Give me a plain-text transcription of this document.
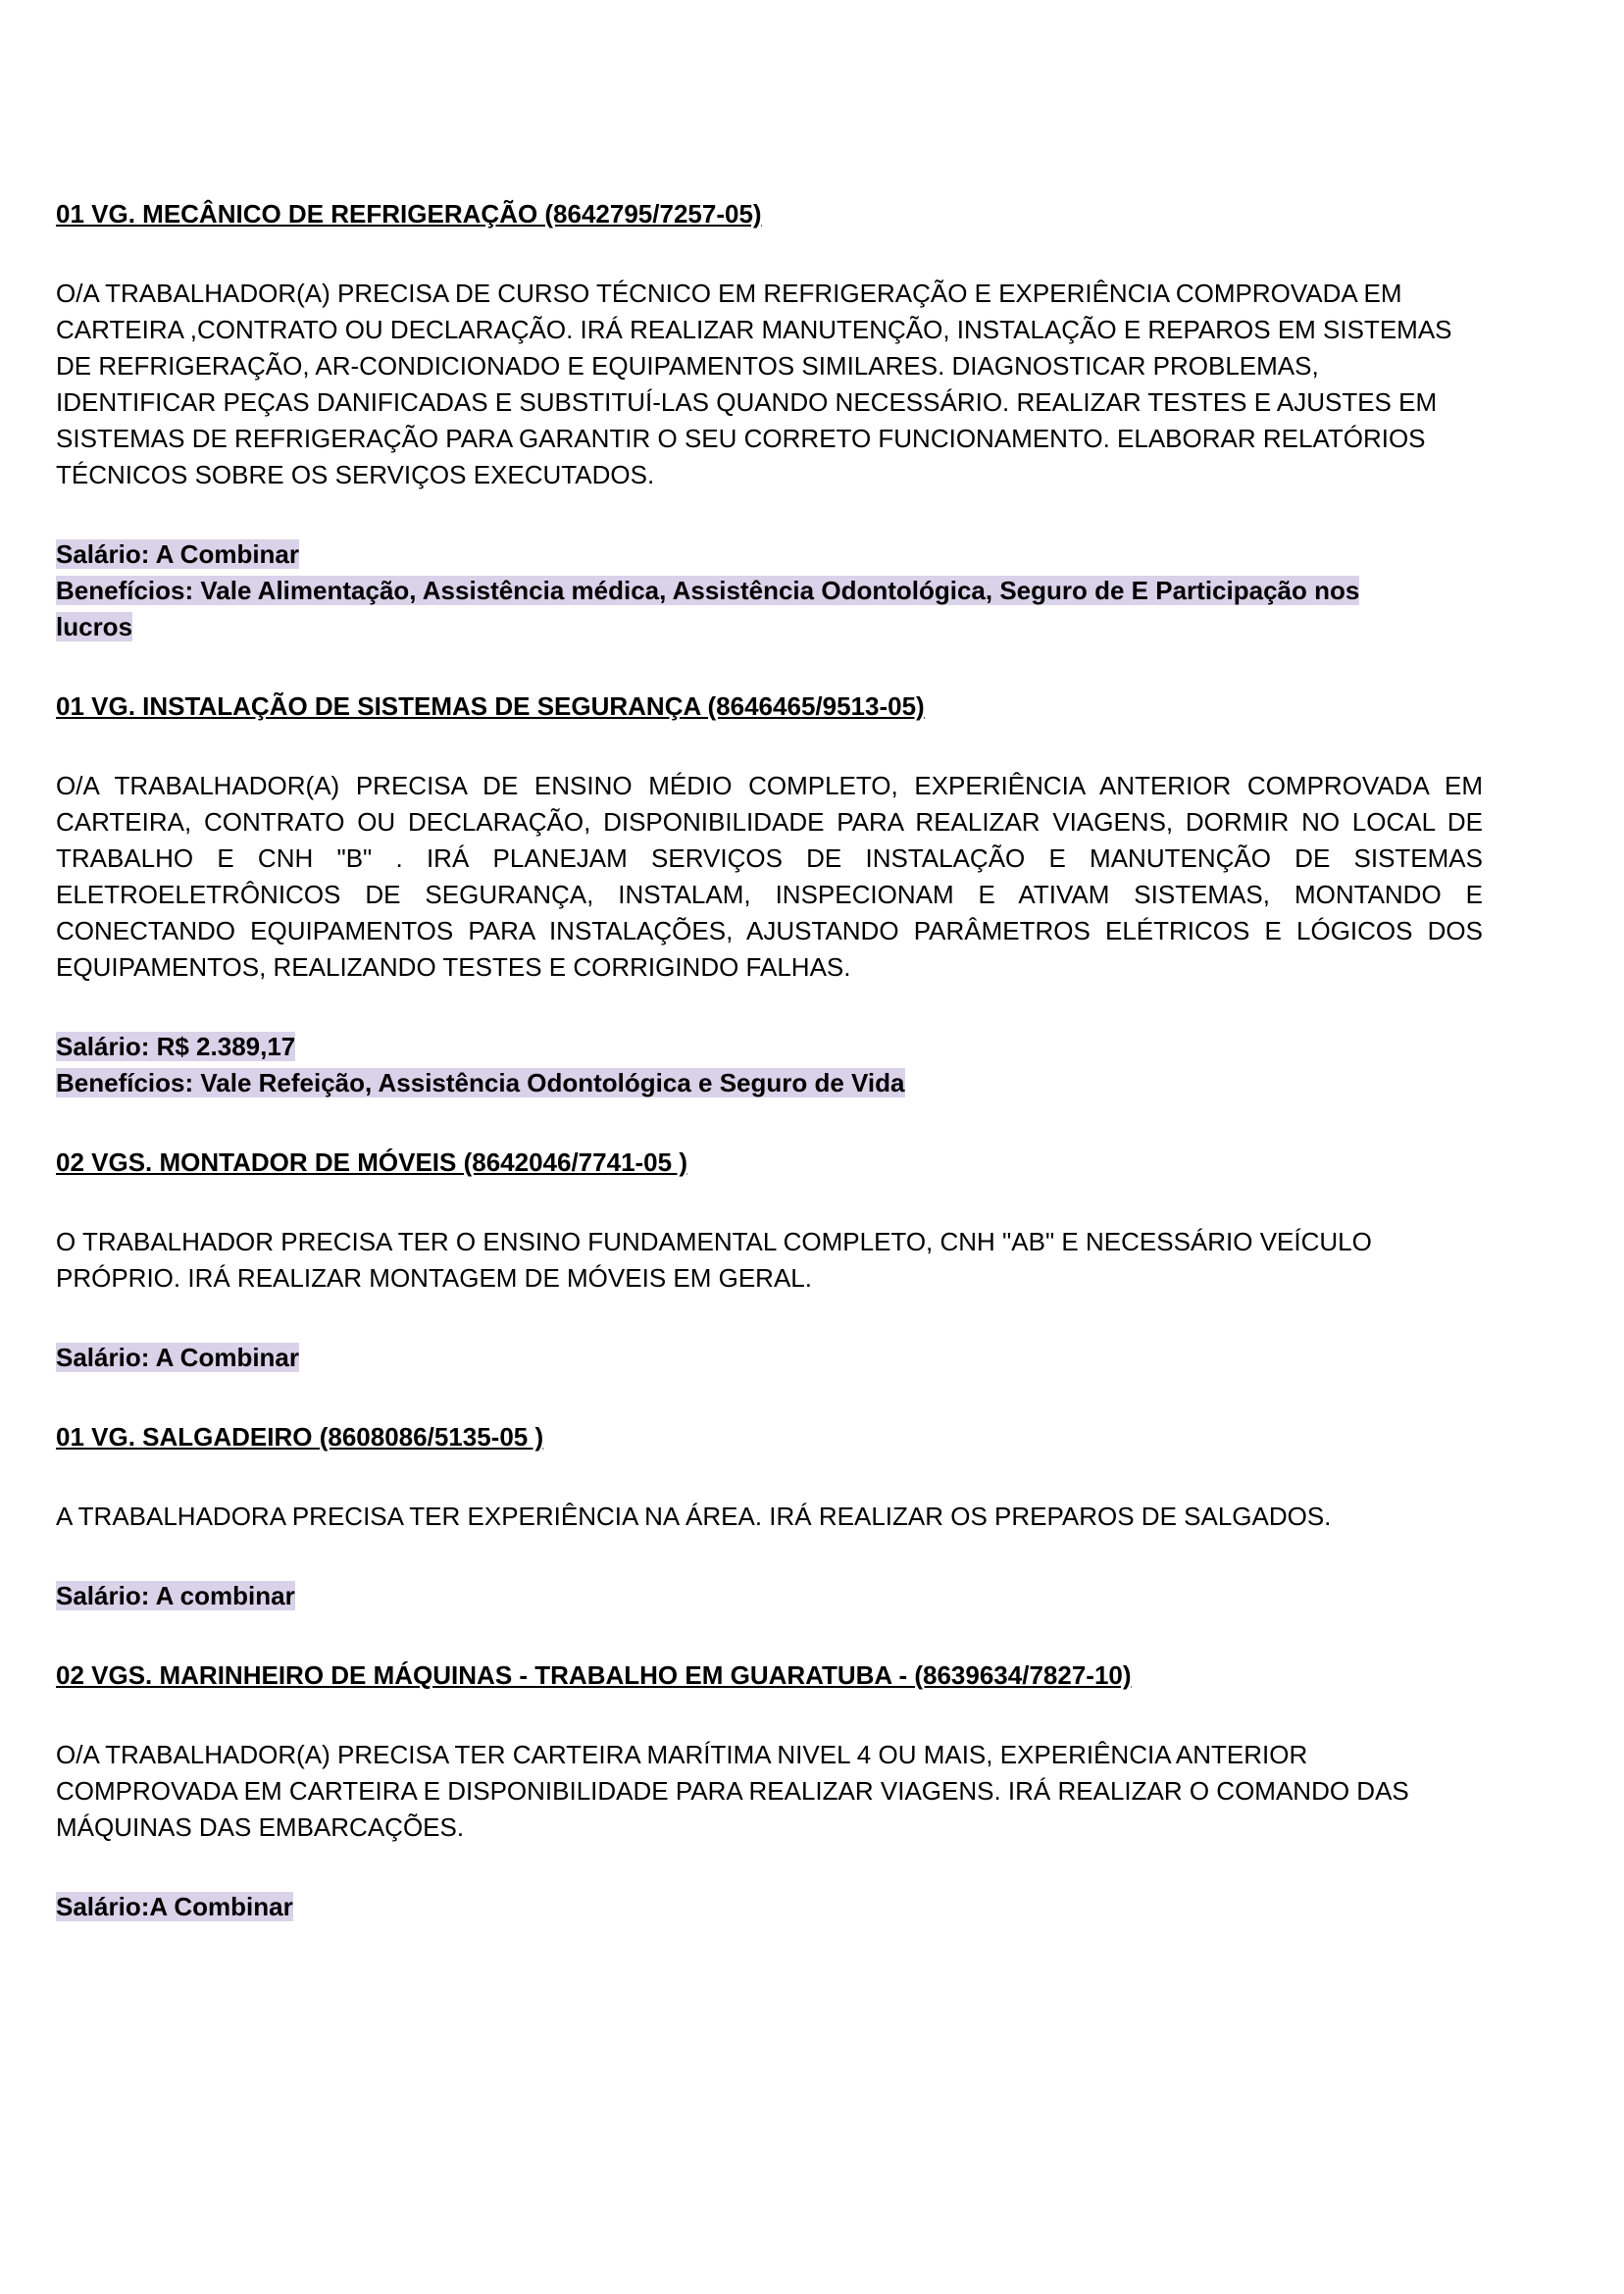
01 VG. MECÂNICO DE REFRIGERAÇÃO (8642795/7257-05)

O/A TRABALHADOR(A) PRECISA DE CURSO TÉCNICO EM REFRIGERAÇÃO E EXPERIÊNCIA COMPROVADA EM CARTEIRA ,CONTRATO OU DECLARAÇÃO. IRÁ REALIZAR MANUTENÇÃO, INSTALAÇÃO E REPAROS EM SISTEMAS DE REFRIGERAÇÃO, AR-CONDICIONADO E EQUIPAMENTOS SIMILARES. DIAGNOSTICAR PROBLEMAS, IDENTIFICAR PEÇAS DANIFICADAS E SUBSTITUÍ-LAS QUANDO NECESSÁRIO. REALIZAR TESTES E AJUSTES EM SISTEMAS DE REFRIGERAÇÃO PARA GARANTIR O SEU CORRETO FUNCIONAMENTO. ELABORAR RELATÓRIOS TÉCNICOS SOBRE OS SERVIÇOS EXECUTADOS.

Salário: A Combinar
Benefícios: Vale Alimentação, Assistência médica, Assistência Odontológica, Seguro de E Participação nos
lucros
01 VG. INSTALAÇÃO DE SISTEMAS DE SEGURANÇA (8646465/9513-05)

O/A TRABALHADOR(A) PRECISA DE ENSINO MÉDIO COMPLETO, EXPERIÊNCIA ANTERIOR COMPROVADA EM CARTEIRA, CONTRATO OU DECLARAÇÃO, DISPONIBILIDADE PARA REALIZAR VIAGENS, DORMIR NO LOCAL DE TRABALHO E CNH "B" . IRÁ PLANEJAM SERVIÇOS DE INSTALAÇÃO E MANUTENÇÃO DE SISTEMAS ELETROELETRÔNICOS DE SEGURANÇA, INSTALAM, INSPECIONAM E ATIVAM SISTEMAS, MONTANDO E CONECTANDO EQUIPAMENTOS PARA INSTALAÇÕES, AJUSTANDO PARÂMETROS ELÉTRICOS E LÓGICOS DOS EQUIPAMENTOS, REALIZANDO TESTES E CORRIGINDO FALHAS.

Salário: R$ 2.389,17
Benefícios: Vale Refeição, Assistência Odontológica e Seguro de Vida
02 VGS. MONTADOR DE MÓVEIS (8642046/7741-05 )

O TRABALHADOR PRECISA TER O ENSINO FUNDAMENTAL COMPLETO, CNH "AB" E NECESSÁRIO VEÍCULO PRÓPRIO. IRÁ REALIZAR MONTAGEM DE MÓVEIS EM GERAL.

Salário: A Combinar
01 VG. SALGADEIRO (8608086/5135-05 )

A TRABALHADORA PRECISA TER EXPERIÊNCIA NA ÁREA. IRÁ REALIZAR OS PREPAROS DE SALGADOS.

Salário: A combinar
02 VGS. MARINHEIRO DE MÁQUINAS - TRABALHO EM GUARATUBA - (8639634/7827-10)

O/A TRABALHADOR(A) PRECISA TER CARTEIRA MARÍTIMA NIVEL 4 OU MAIS, EXPERIÊNCIA ANTERIOR COMPROVADA EM CARTEIRA E DISPONIBILIDADE PARA REALIZAR VIAGENS. IRÁ REALIZAR O COMANDO DAS MÁQUINAS DAS EMBARCAÇÕES.

Salário:A Combinar
